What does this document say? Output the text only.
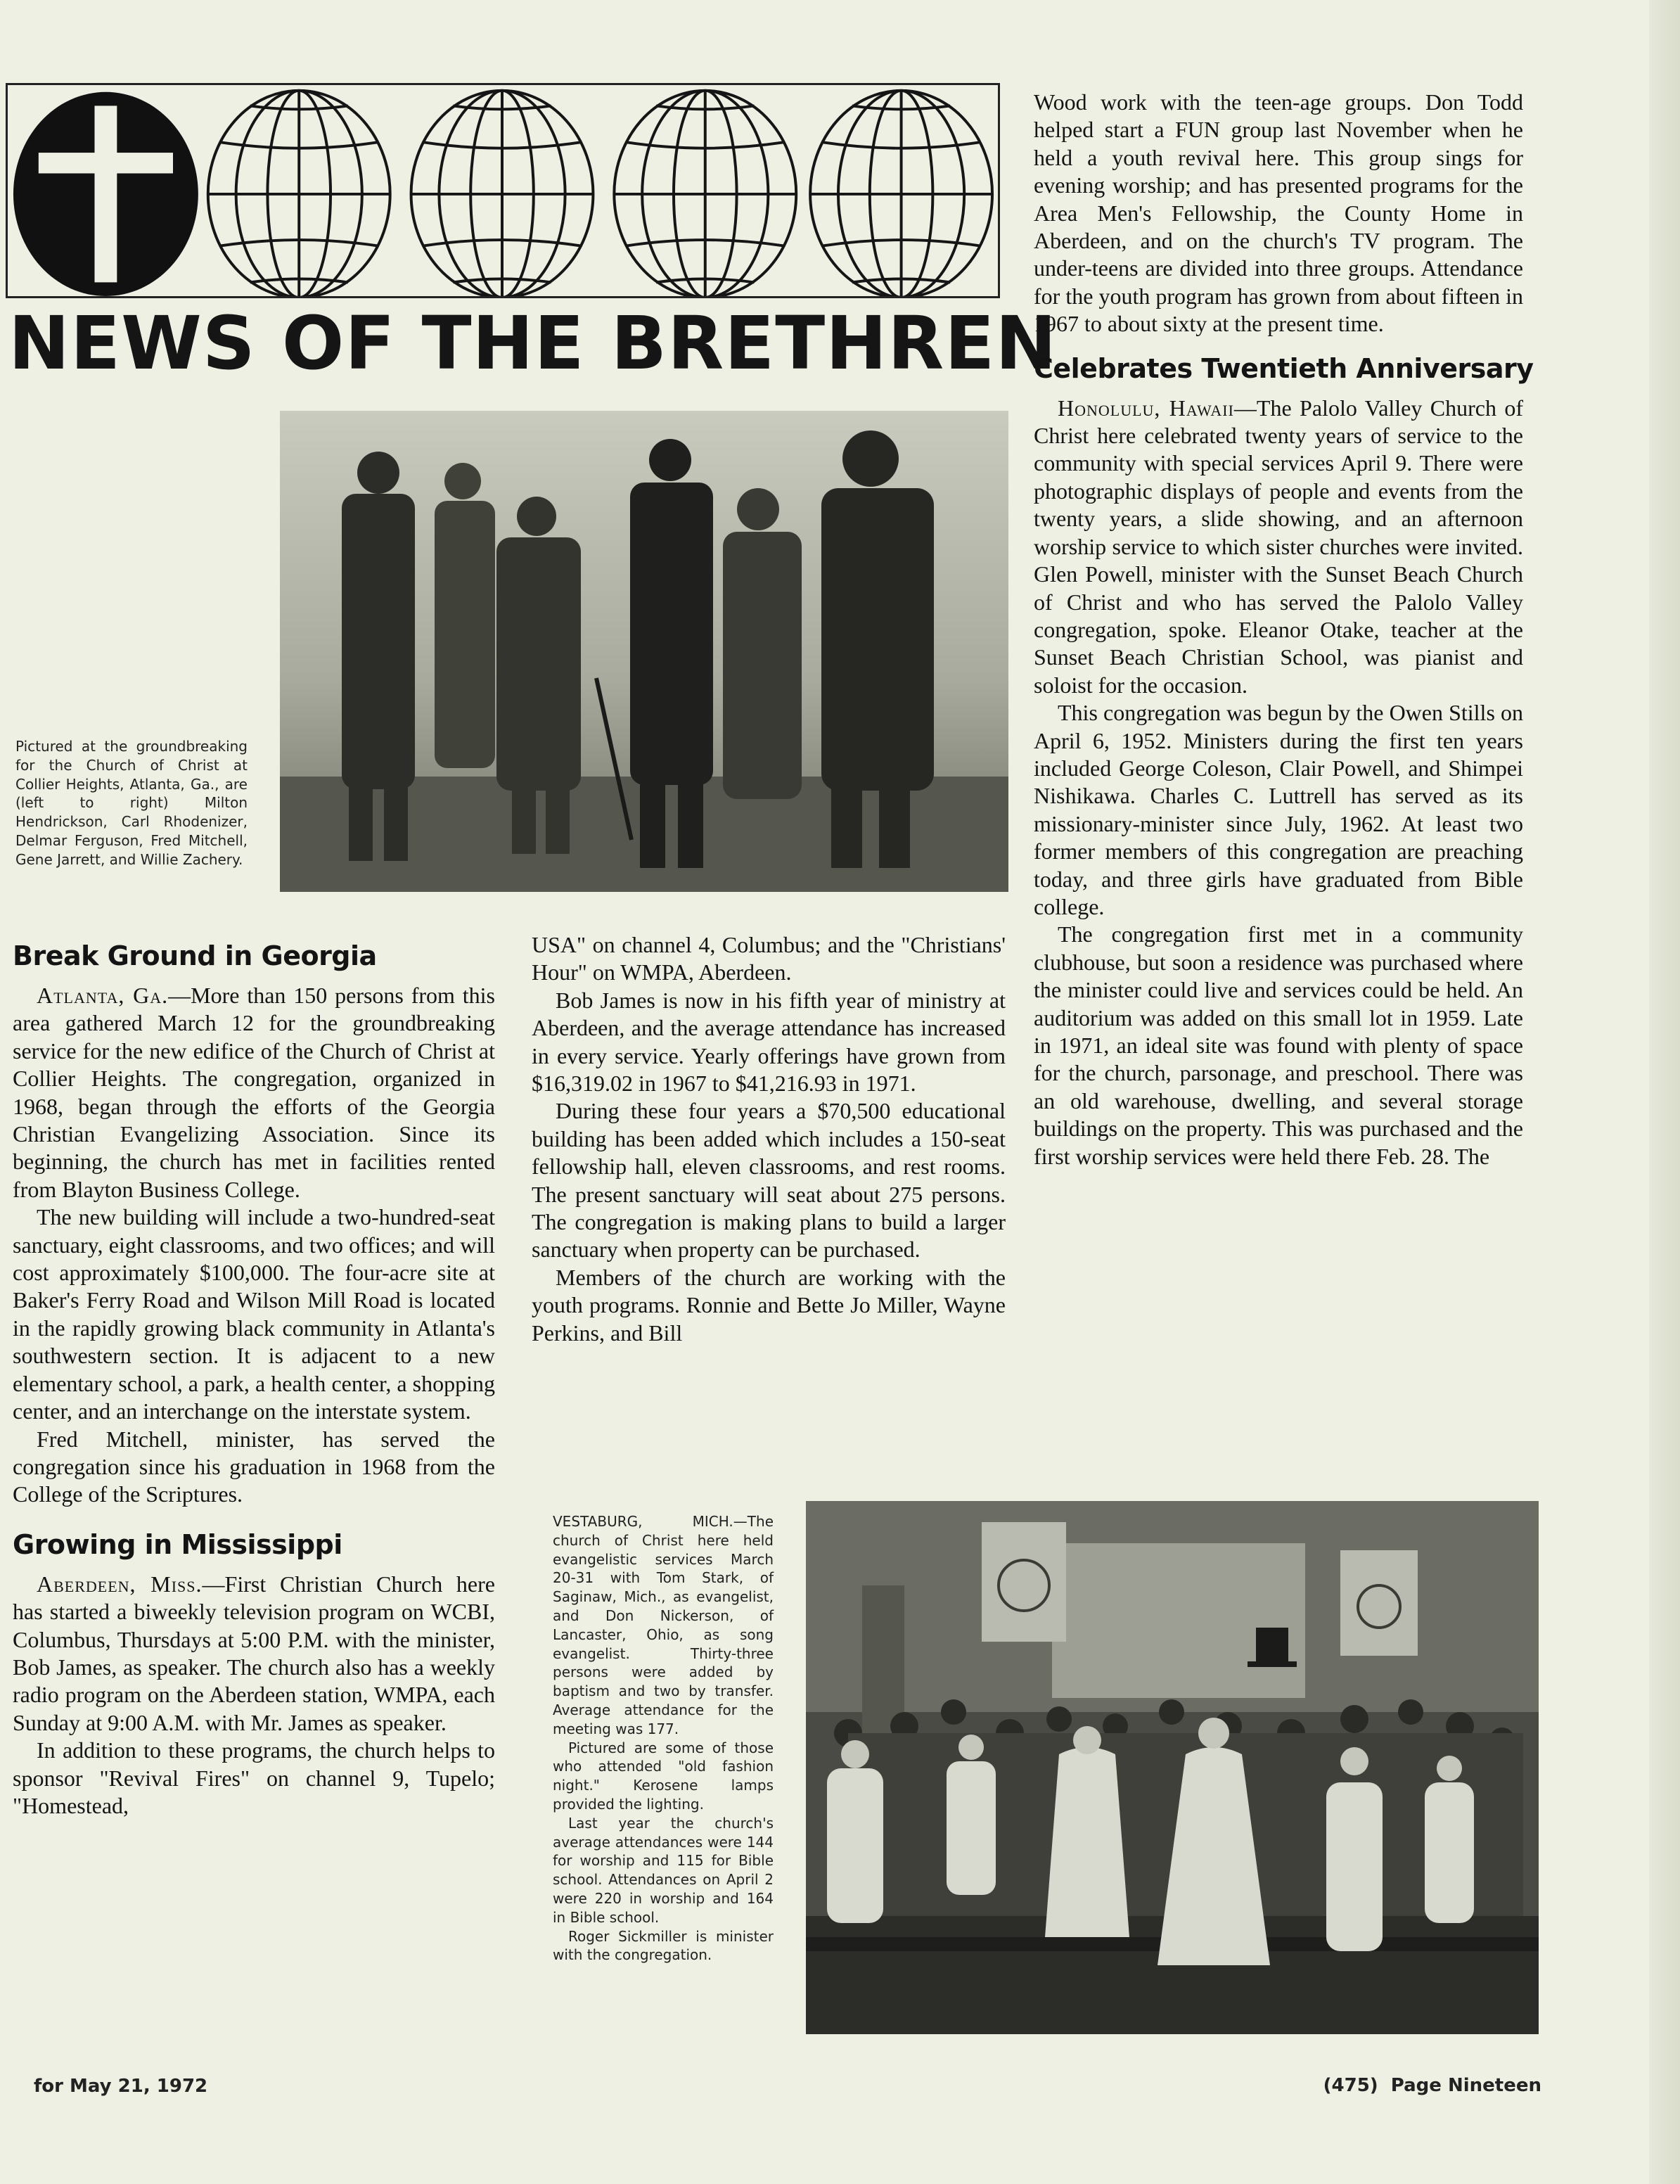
NEWS OF THE BRETHREN
Pictured at the groundbreaking for the Church of Christ at Collier Heights, Atlanta, Ga., are (left to right) Milton Hendrickson, Carl Rhodenizer, Delmar Ferguson, Fred Mitchell, Gene Jarrett, and Willie Zachery.
Break Ground in Georgia

Atlanta, Ga.—More than 150 persons from this area gathered March 12 for the groundbreaking service for the new edifice of the Church of Christ at Collier Heights. The congregation, organized in 1968, began through the efforts of the Georgia Christian Evangelizing Association. Since its beginning, the church has met in facilities rented from Blayton Business College.

The new building will include a two-hundred-seat sanctuary, eight classrooms, and two offices; and will cost approximately $100,000. The four-acre site at Baker's Ferry Road and Wilson Mill Road is located in the rapidly growing black community in Atlanta's southwestern section. It is adjacent to a new elementary school, a park, a health center, a shopping center, and an interchange on the interstate system.

Fred Mitchell, minister, has served the congregation since his graduation in 1968 from the College of the Scriptures.

Growing in Mississippi

Aberdeen, Miss.—First Christian Church here has started a biweekly television program on WCBI, Columbus, Thursdays at 5:00 P.M. with the minister, Bob James, as speaker. The church also has a weekly radio program on the Aberdeen station, WMPA, each Sunday at 9:00 A.M. with Mr. James as speaker.

In addition to these programs, the church helps to sponsor "Revival Fires" on channel 9, Tupelo; "Homestead,

USA" on channel 4, Columbus; and the "Christians' Hour" on WMPA, Aberdeen.

Bob James is now in his fifth year of ministry at Aberdeen, and the average attendance has increased in every service. Yearly offerings have grown from $16,319.02 in 1967 to $41,216.93 in 1971.

During these four years a $70,500 educational building has been added which includes a 150-seat fellowship hall, eleven classrooms, and rest rooms. The present sanctuary will seat about 275 persons. The congregation is making plans to build a larger sanctuary when property can be purchased.

Members of the church are working with the youth programs. Ronnie and Bette Jo Miller, Wayne Perkins, and Bill

Wood work with the teen-age groups. Don Todd helped start a FUN group last November when he held a youth revival here. This group sings for evening worship; and has presented programs for the Area Men's Fellowship, the County Home in Aberdeen, and on the church's TV program. The under-teens are divided into three groups. Attendance for the youth program has grown from about fifteen in 1967 to about sixty at the present time.

Celebrates Twentieth Anniversary

Honolulu, Hawaii—The Palolo Valley Church of Christ here celebrated twenty years of service to the community with special services April 9. There were photographic displays of people and events from the twenty years, a slide showing, and an afternoon worship service to which sister churches were invited. Glen Powell, minister with the Sunset Beach Church of Christ and who has served the Palolo Valley congregation, spoke. Eleanor Otake, teacher at the Sunset Beach Christian School, was pianist and soloist for the occasion.

This congregation was begun by the Owen Stills on April 6, 1952. Ministers during the first ten years included George Coleson, Clair Powell, and Shimpei Nishikawa. Charles C. Luttrell has served as its missionary-minister since July, 1962. At least two former members of this congregation are preaching today, and three girls have graduated from Bible college.

The congregation first met in a community clubhouse, but soon a residence was purchased where the minister could live and services could be held. An auditorium was added on this small lot in 1959. Late in 1971, an ideal site was found with plenty of space for the church, parsonage, and preschool. There was an old warehouse, dwelling, and several storage buildings on the property. This was purchased and the first worship services were held there Feb. 28. The

VESTABURG, MICH.—The church of Christ here held evangelistic services March 20-31 with Tom Stark, of Saginaw, Mich., as evangelist, and Don Nickerson, of Lancaster, Ohio, as song evangelist. Thirty-three persons were added by baptism and two by transfer. Average attendance for the meeting was 177.

Pictured are some of those who attended "old fashion night." Kerosene lamps provided the lighting.

Last year the church's average attendances were 144 for worship and 115 for Bible school. Attendances on April 2 were 220 in worship and 164 in Bible school.

Roger Sickmiller is minister with the congregation.

for May 21, 1972	(475)  Page Nineteen
